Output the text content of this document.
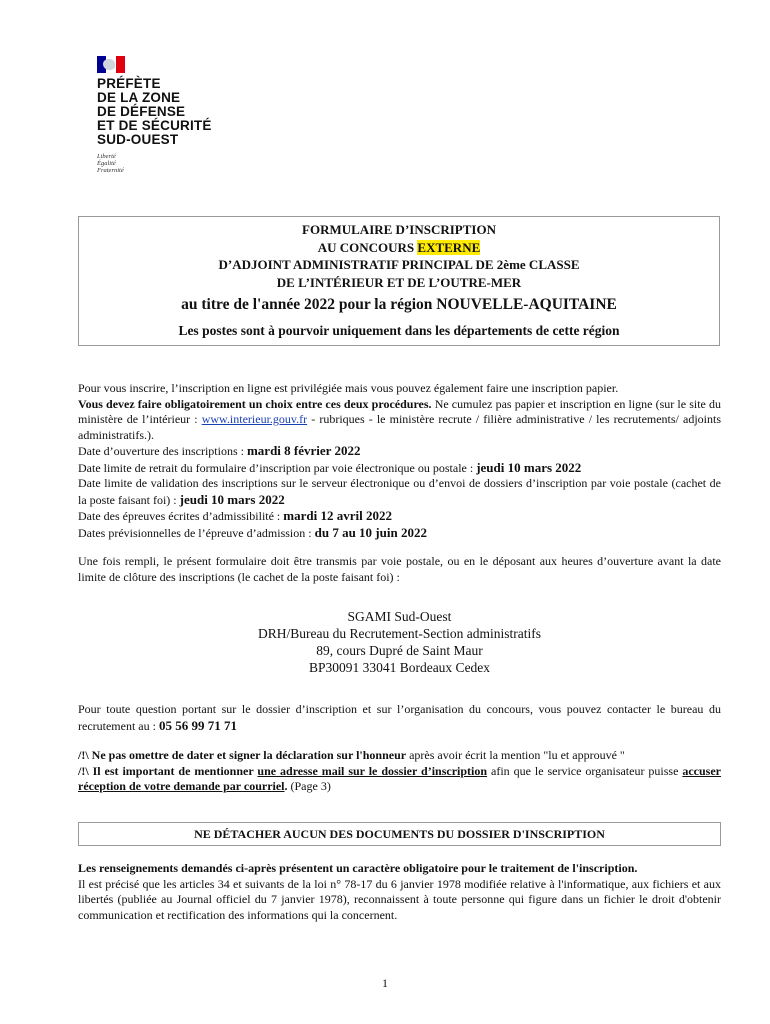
PRÉFÈTE
DE LA ZONE
DE DÉFENSE
ET DE SÉCURITÉ
SUD-OUEST
Liberté
Égalité
Fraternité
FORMULAIRE D’INSCRIPTION
AU CONCOURS EXTERNE
D’ADJOINT ADMINISTRATIF PRINCIPAL DE 2ème CLASSE
DE L’INTÉRIEUR ET DE L’OUTRE-MER
au titre de l'année 2022 pour la région NOUVELLE-AQUITAINE
Les postes sont à pourvoir uniquement dans les départements de cette région

Pour vous inscrire, l’inscription en ligne est privilégiée mais vous pouvez également faire une inscription papier.

Vous devez faire obligatoirement un choix entre ces deux procédures. Ne cumulez pas papier et inscription en ligne (sur le site du ministère de l’intérieur : www.interieur.gouv.fr - rubriques - le ministère recrute / filière administrative / les recrutements/ adjoints administratifs.).

Date d’ouverture des inscriptions : mardi 8 février 2022

Date limite de retrait du formulaire d’inscription par voie électronique ou postale : jeudi 10 mars 2022

Date limite de validation des inscriptions sur le serveur électronique ou d’envoi de dossiers d’inscription par voie postale (cachet de la poste faisant foi) : jeudi 10 mars 2022

Date des épreuves écrites d’admissibilité : mardi 12 avril 2022

Dates prévisionnelles de l’épreuve d’admission : du 7 au 10 juin 2022

Une fois rempli, le présent formulaire doit être transmis par voie postale, ou en le déposant aux heures d’ouverture avant la date limite de clôture des inscriptions (le cachet de la poste faisant foi) :
SGAMI Sud-Ouest
DRH/Bureau du Recrutement-Section administratifs
89, cours Dupré de Saint Maur
BP30091 33041 Bordeaux Cedex
Pour toute question portant sur le dossier d’inscription et sur l’organisation du concours, vous pouvez contacter le bureau du recrutement au : 05 56 99 71 71

/!\ Ne pas omettre de dater et signer la déclaration sur l'honneur après avoir écrit la mention "lu et approuvé "

/!\ Il est important de mentionner une adresse mail sur le dossier d’inscription afin que le service organisateur puisse accuser réception de votre demande par courriel. (Page 3)

NE DÉTACHER AUCUN DES DOCUMENTS DU DOSSIER D'INSCRIPTION

Les renseignements demandés ci-après présentent un caractère obligatoire pour le traitement de l'inscription.

Il est précisé que les articles 34 et suivants de la loi n° 78-17 du 6 janvier 1978 modifiée relative à l'informatique, aux fichiers et aux libertés (publiée au Journal officiel du 7 janvier 1978), reconnaissent à toute personne qui figure dans un fichier le droit d'obtenir communication et rectification des informations qui la concernent.

1
